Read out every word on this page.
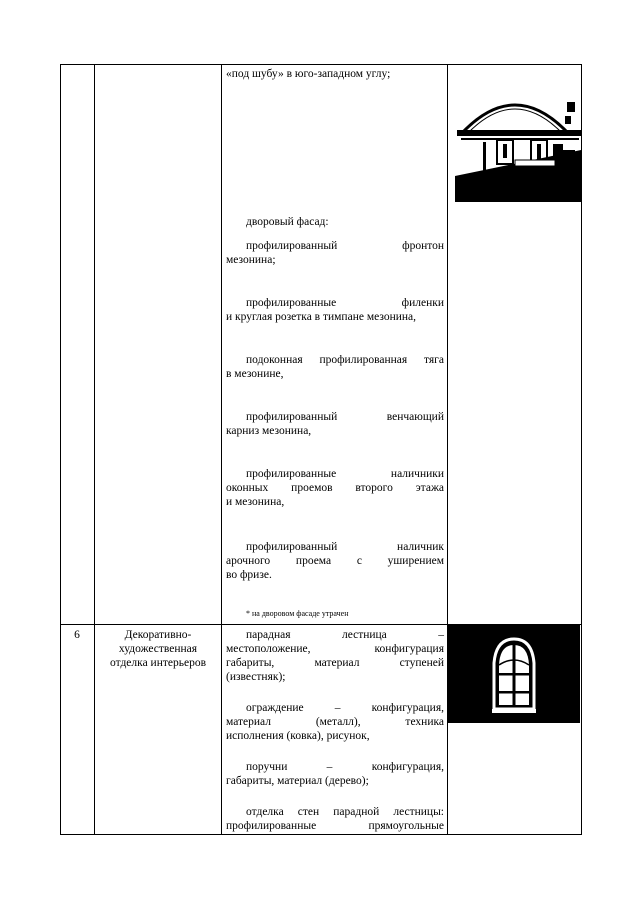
«под шубу» в юго-западном углу;
дворовый фасад:
профилированный фронтон
мезонина;
профилированные филенки
и круглая розетка в тимпане мезонина,
подоконная профилированная тяга
в мезонине,
профилированный венчающий
карниз мезонина,
профилированные наличники
оконных проемов второго этажа
и мезонина,
профилированный наличник
арочного проема с уширением
во фризе.
* на дворовом фасаде утрачен
6	Декоративно-
художественная
отделка интерьеров
парадная лестница –
местоположение, конфигурация
габариты, материал ступеней
(известняк);
ограждение – конфигурация,
материал (металл), техника
исполнения (ковка), рисунок,
поручни – конфигурация,
габариты, материал (дерево);
отделка стен парадной лестницы:
профилированные прямоугольные
